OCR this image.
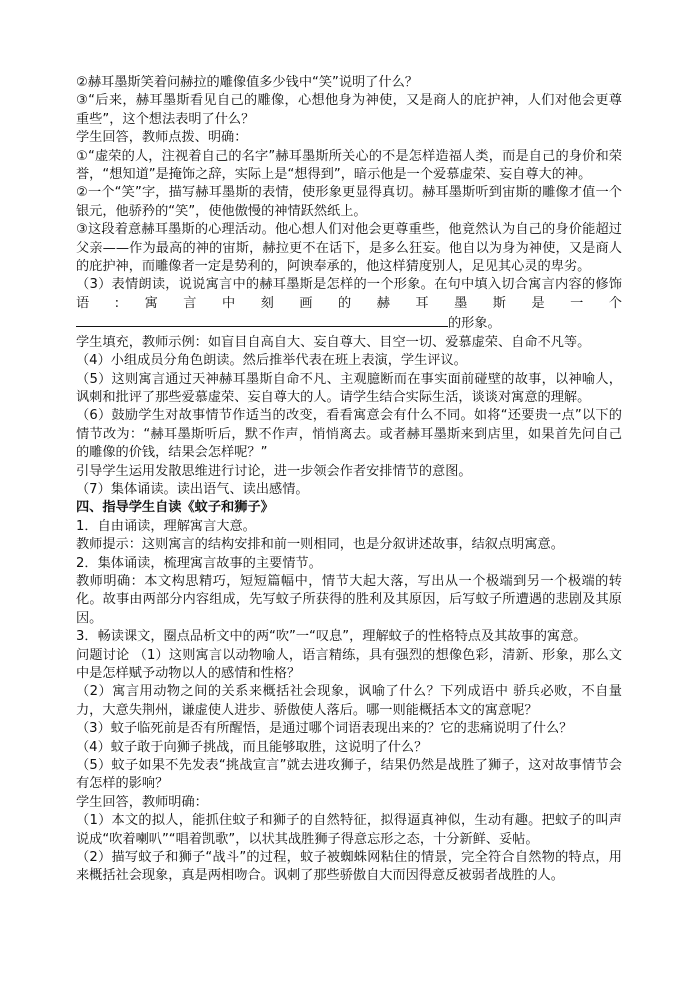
②赫耳墨斯笑着问赫拉的雕像值多少钱中“笑”说明了什么？

③“后来，赫耳墨斯看见自己的雕像，心想他身为神使，又是商人的庇护神，人们对他会更尊重些”，这个想法表明了什么？

学生回答，教师点拨、明确：

①“虚荣的人，注视着自己的名字”赫耳墨斯所关心的不是怎样造福人类，而是自己的身价和荣誉，“想知道”是掩饰之辞，实际上是“想得到”，暗示他是一个爱慕虚荣、妄自尊大的神。

②一个“笑”字，描写赫耳墨斯的表情，使形象更显得真切。赫耳墨斯听到宙斯的雕像才值一个银元，他骄矜的“笑”，使他傲慢的神情跃然纸上。

③这段着意赫耳墨斯的心理活动。他心想人们对他会更尊重些，他竟然认为自己的身价能超过父亲——作为最高的神的宙斯，赫拉更不在话下，是多么狂妄。他自以为身为神使，又是商人的庇护神，而雕像者一定是势利的，阿谀奉承的，他这样猜度别人，足见其心灵的卑劣。

（3）表情朗读，说说寓言中的赫耳墨斯是怎样的一个形象。在句中填入切合寓言内容的修饰语:寓言中刻画的赫耳墨斯是一个的形象。

学生填充，教师示例：如盲目自高自大、妄自尊大、目空一切、爱慕虚荣、自命不凡等。

（4）小组成员分角色朗读。然后推举代表在班上表演，学生评议。

（5）这则寓言通过天神赫耳墨斯自命不凡、主观臆断而在事实面前碰壁的故事，以神喻人，讽刺和批评了那些爱慕虚荣、妄自尊大的人。请学生结合实际生活，谈谈对寓意的理解。

（6）鼓励学生对故事情节作适当的改变，看看寓意会有什么不同。如将“还要贵一点”以下的情节改为：“赫耳墨斯听后，默不作声，悄悄离去。或者赫耳墨斯来到店里，如果首先问自己的雕像的价钱，结果会怎样呢？”

引导学生运用发散思维进行讨论，进一步领会作者安排情节的意图。

（7）集体诵读。读出语气、读出感情。

四、指导学生自读《蚊子和狮子》

1．自由诵读，理解寓言大意。

教师提示：这则寓言的结构安排和前一则相同，也是分叙讲述故事，结叙点明寓意。

2．集体诵读，梳理寓言故事的主要情节。

教师明确：本文构思精巧，短短篇幅中，情节大起大落，写出从一个极端到另一个极端的转化。故事由两部分内容组成，先写蚊子所获得的胜利及其原因，后写蚊子所遭遇的悲剧及其原因。

3．畅读课文，圈点品析文中的两“吹”一“叹息”，理解蚊子的性格特点及其故事的寓意。

问题讨论 （1）这则寓言以动物喻人，语言精练，具有强烈的想像色彩，清新、形象，那么文中是怎样赋予动物以人的感情和性格？

（2）寓言用动物之间的关系来概括社会现象，讽喻了什么？下列成语中 骄兵必败，不自量力，大意失荆州，谦虚使人进步、骄傲使人落后。哪一则能概括本文的寓意呢？

（3）蚊子临死前是否有所醒悟，是通过哪个词语表现出来的？它的悲痛说明了什么？

（4）蚊子敢于向狮子挑战，而且能够取胜，这说明了什么？

（5）蚊子如果不先发表“挑战宣言”就去进攻狮子，结果仍然是战胜了狮子，这对故事情节会有怎样的影响？

学生回答，教师明确：

（1）本文的拟人，能抓住蚊子和狮子的自然特征，拟得逼真神似，生动有趣。把蚊子的叫声说成“吹着喇叭”“唱着凯歌”，以状其战胜狮子得意忘形之态，十分新鲜、妥帖。

（2）描写蚊子和狮子“战斗”的过程，蚊子被蜘蛛网粘住的情景，完全符合自然物的特点，用来概括社会现象，真是两相吻合。讽刺了那些骄傲自大而因得意反被弱者战胜的人。
